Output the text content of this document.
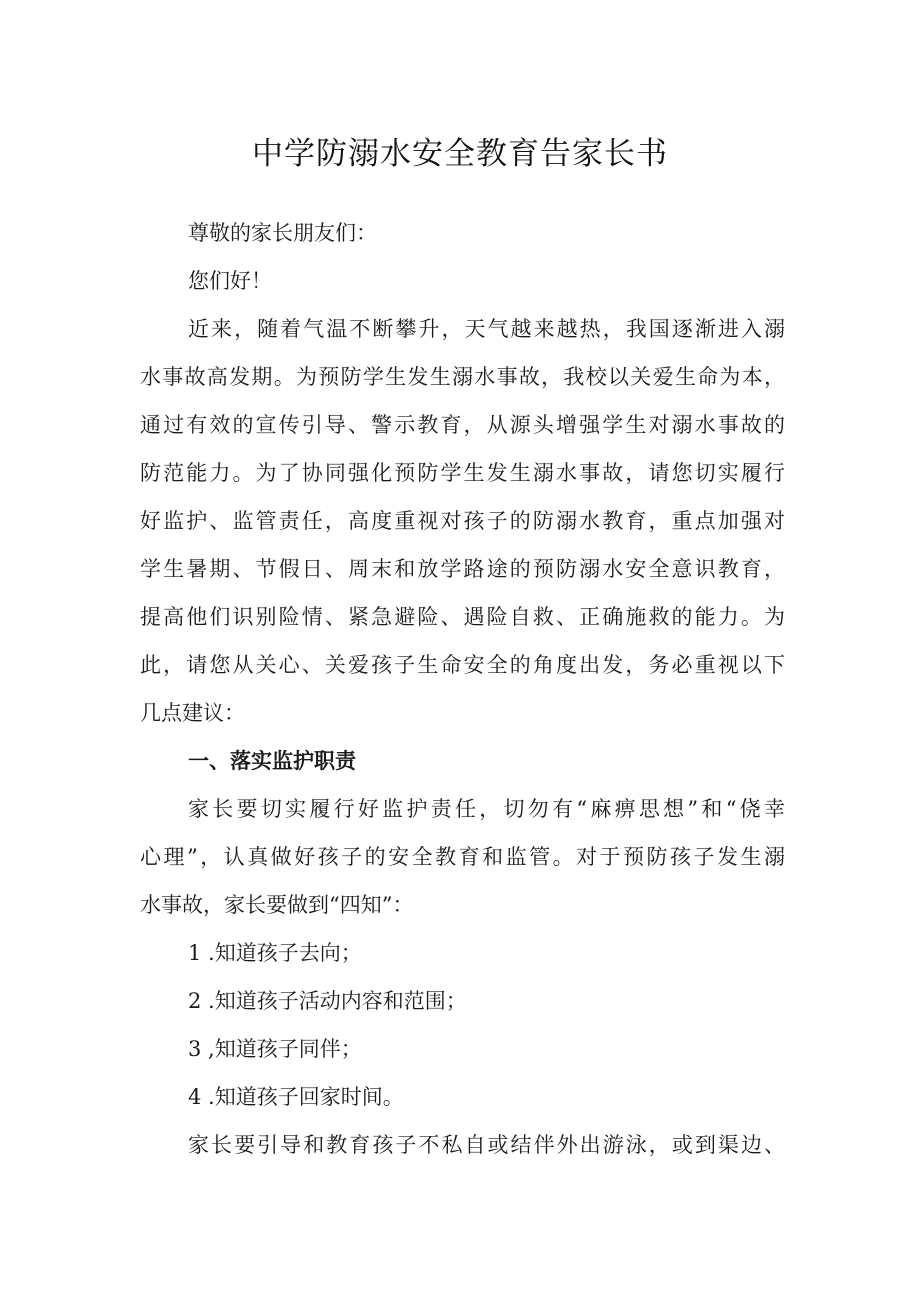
中学防溺水安全教育告家长书
尊敬的家长朋友们：
您们好！
近来，随着气温不断攀升，天气越来越热，我国逐渐进入溺
水事故高发期。为预防学生发生溺水事故，我校以关爱生命为本，
通过有效的宣传引导、警示教育，从源头增强学生对溺水事故的
防范能力。为了协同强化预防学生发生溺水事故，请您切实履行
好监护、监管责任，高度重视对孩子的防溺水教育，重点加强对
学生暑期、节假日、周末和放学路途的预防溺水安全意识教育，
提高他们识别险情、紧急避险、遇险自救、正确施救的能力。为
此，请您从关心、关爱孩子生命安全的角度出发，务必重视以下
几点建议：
一、落实监护职责
家长要切实履行好监护责任，切勿有“麻痹思想”和“侥幸
心理”，认真做好孩子的安全教育和监管。对于预防孩子发生溺
水事故，家长要做到“四知”：
1 .知道孩子去向；
2 .知道孩子活动内容和范围；
3 ,知道孩子同伴；
4 .知道孩子回家时间。
家长要引导和教育孩子不私自或结伴外出游泳，或到渠边、
